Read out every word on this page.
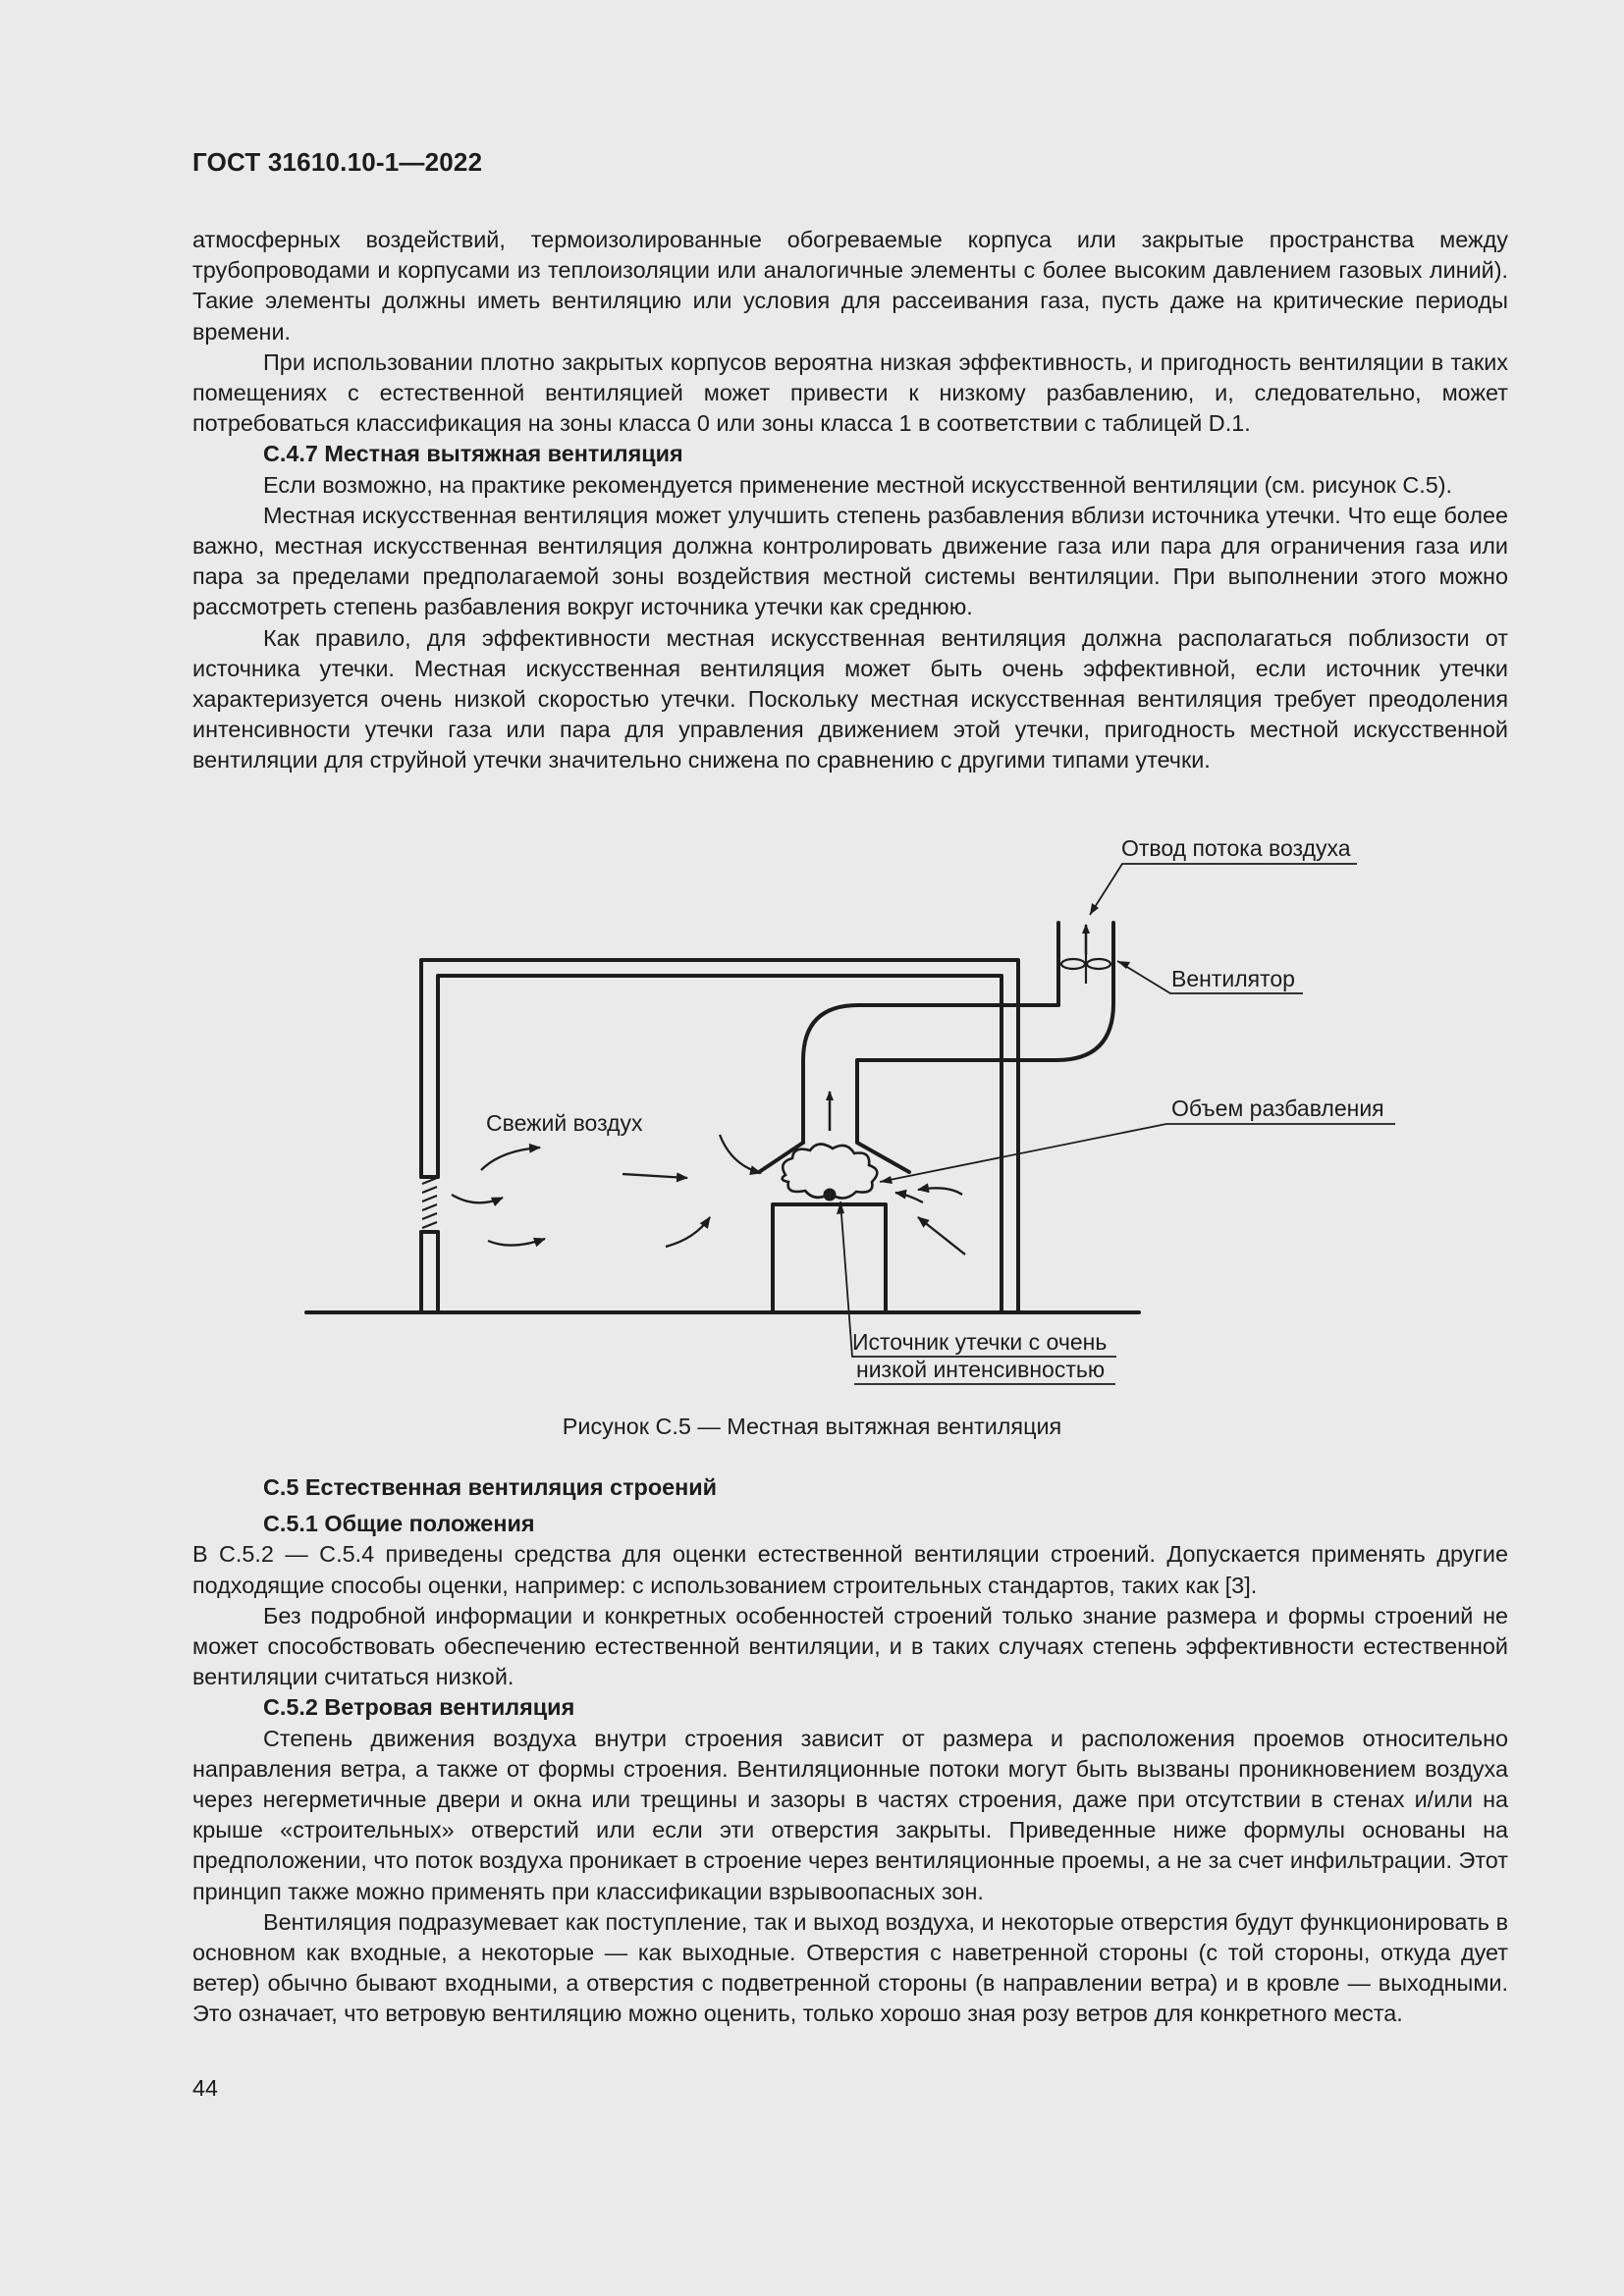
ГОСТ 31610.10-1—2022

атмосферных воздействий, термоизолированные обогреваемые корпуса или закрытые пространства между трубопроводами и корпусами из теплоизоляции или аналогичные элементы с более высоким давлением газовых линий). Такие элементы должны иметь вентиляцию или условия для рассеивания газа, пусть даже на критические периоды времени.

При использовании плотно закрытых корпусов вероятна низкая эффективность, и пригодность вентиляции в таких помещениях с естественной вентиляцией может привести к низкому разбавлению, и, следовательно, может потребоваться классификация на зоны класса 0 или зоны класса 1 в соответствии с таблицей D.1.

С.4.7 Местная вытяжная вентиляция

Если возможно, на практике рекомендуется применение местной искусственной вентиляции (см. рисунок С.5).

Местная искусственная вентиляция может улучшить степень разбавления вблизи источника утечки. Что еще более важно, местная искусственная вентиляция должна контролировать движение газа или пара для ограничения газа или пара за пределами предполагаемой зоны воздействия местной системы вентиляции. При выполнении этого можно рассмотреть степень разбавления вокруг источника утечки как среднюю.

Как правило, для эффективности местная искусственная вентиляция должна располагаться поблизости от источника утечки. Местная искусственная вентиляция может быть очень эффективной, если источник утечки характеризуется очень низкой скоростью утечки. Поскольку местная искусственная вентиляция требует преодоления интенсивности утечки газа или пара для управления движением этой утечки, пригодность местной искусственной вентиляции для струйной утечки значительно снижена по сравнению с другими типами утечки.

Отвод потока воздуха
Вентилятор
Свежий воздух
Объем разбавления
Источник утечки с очень
низкой интенсивностью
Рисунок С.5 — Местная вытяжная вентиляция

С.5 Естественная вентиляция строений

С.5.1 Общие положения

В С.5.2 — С.5.4 приведены средства для оценки естественной вентиляции строений. Допускается применять другие подходящие способы оценки, например: с использованием строительных стандартов, таких как [3].

Без подробной информации и конкретных особенностей строений только знание размера и формы строений не может способствовать обеспечению естественной вентиляции, и в таких случаях степень эффективности естественной вентиляции считаться низкой.

С.5.2 Ветровая вентиляция

Степень движения воздуха внутри строения зависит от размера и расположения проемов относительно направления ветра, а также от формы строения. Вентиляционные потоки могут быть вызваны проникновением воздуха через негерметичные двери и окна или трещины и зазоры в частях строения, даже при отсутствии в стенах и/или на крыше «строительных» отверстий или если эти отверстия закрыты. Приведенные ниже формулы основаны на предположении, что поток воздуха проникает в строение через вентиляционные проемы, а не за счет инфильтрации. Этот принцип также можно применять при классификации взрывоопасных зон.

Вентиляция подразумевает как поступление, так и выход воздуха, и некоторые отверстия будут функционировать в основном как входные, а некоторые — как выходные. Отверстия с наветренной стороны (с той стороны, откуда дует ветер) обычно бывают входными, а отверстия с подветренной стороны (в направлении ветра) и в кровле — выходными. Это означает, что ветровую вентиляцию можно оценить, только хорошо зная розу ветров для конкретного места.

44
